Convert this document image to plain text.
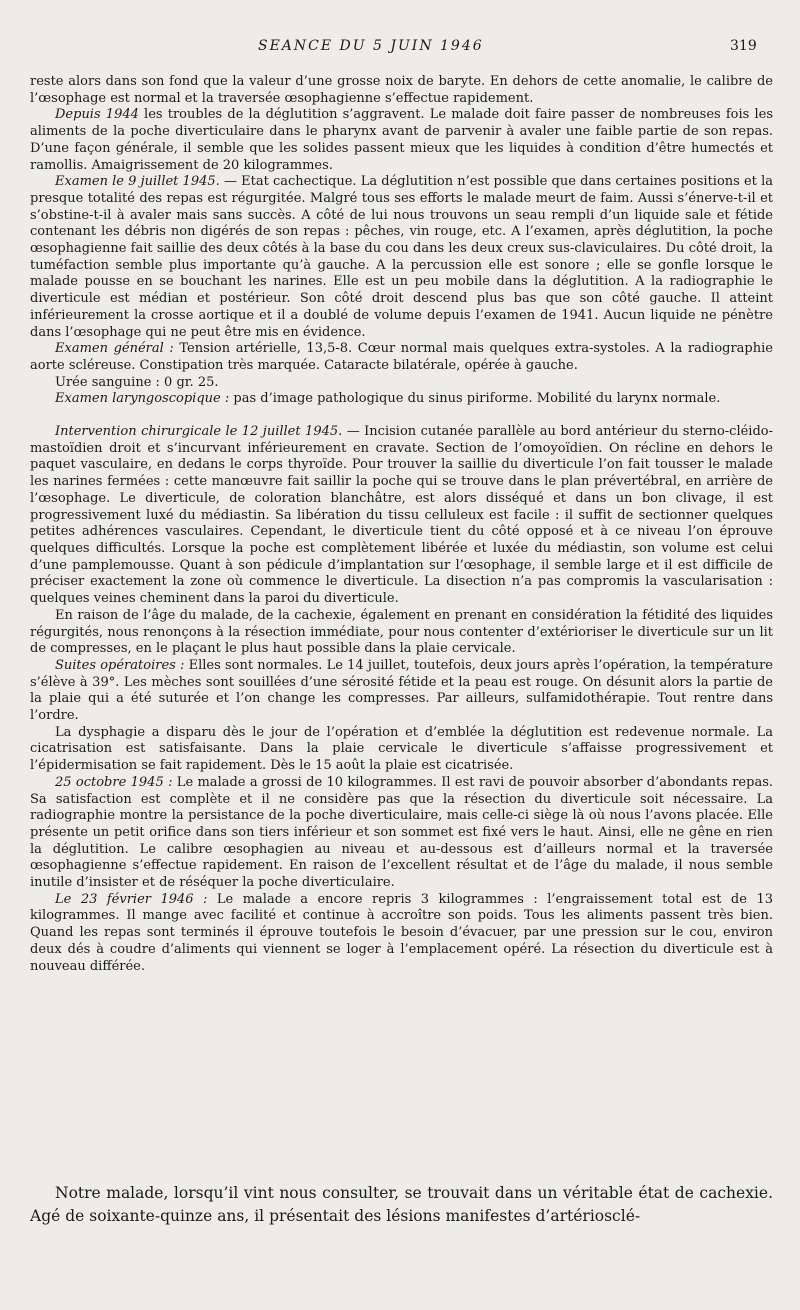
SEANCE DU 5 JUIN 1946	319

reste alors dans son fond que la valeur d’une grosse noix de baryte. En dehors de cette anomalie, le calibre de l’œsophage est normal et la traversée œsophagienne s’effectue rapidement.

Depuis 1944 les troubles de la déglutition s’aggravent. Le malade doit faire passer de nombreuses fois les aliments de la poche diverticulaire dans le pharynx avant de parvenir à avaler une faible partie de son repas. D’une façon générale, il semble que les solides passent mieux que les liquides à condition d’être humectés et ramollis. Amaigrissement de 20 kilogrammes.

Examen le 9 juillet 1945. — Etat cachectique. La déglutition n’est possible que dans certaines positions et la presque totalité des repas est régurgitée. Malgré tous ses efforts le malade meurt de faim. Aussi s’énerve-t-il et s’obstine-t-il à avaler mais sans succès. A côté de lui nous trouvons un seau rempli d’un liquide sale et fétide contenant les débris non digérés de son repas : pêches, vin rouge, etc. A l’examen, après déglutition, la poche œsophagienne fait saillie des deux côtés à la base du cou dans les deux creux sus-claviculaires. Du côté droit, la tuméfaction semble plus importante qu’à gauche. A la percussion elle est sonore ; elle se gonfle lorsque le malade pousse en se bouchant les narines. Elle est un peu mobile dans la déglutition. A la radiographie le diverticule est médian et postérieur. Son côté droit descend plus bas que son côté gauche. Il atteint inférieurement la crosse aortique et il a doublé de volume depuis l’examen de 1941. Aucun liquide ne pénètre dans l’œsophage qui ne peut être mis en évidence.

Examen général : Tension artérielle, 13,5-8. Cœur normal mais quelques extra-systoles. A la radiographie aorte scléreuse. Constipation très marquée. Cataracte bilatérale, opérée à gauche.

Urée sanguine : 0 gr. 25.

Examen laryngoscopique : pas d’image pathologique du sinus piriforme. Mobilité du larynx normale.

Intervention chirurgicale le 12 juillet 1945. — Incision cutanée parallèle au bord antérieur du sterno-cléido-mastoïdien droit et s’incurvant inférieurement en cravate. Section de l’omoyoïdien. On récline en dehors le paquet vasculaire, en dedans le corps thyroïde. Pour trouver la saillie du diverticule l’on fait tousser le malade les narines fermées : cette manœuvre fait saillir la poche qui se trouve dans le plan prévertébral, en arrière de l’œsophage. Le diverticule, de coloration blanchâtre, est alors disséqué et dans un bon clivage, il est progressivement luxé du médiastin. Sa libération du tissu celluleux est facile : il suffit de sectionner quelques petites adhérences vasculaires. Cependant, le diverticule tient du côté opposé et à ce niveau l’on éprouve quelques difficultés. Lorsque la poche est complètement libérée et luxée du médiastin, son volume est celui d’une pamplemousse. Quant à son pédicule d’implantation sur l’œsophage, il semble large et il est difficile de préciser exactement la zone où commence le diverticule. La disection n’a pas compromis la vascularisation : quelques veines cheminent dans la paroi du diverticule.

En raison de l’âge du malade, de la cachexie, également en prenant en considération la fétidité des liquides régurgités, nous renonçons à la résection immédiate, pour nous contenter d’extérioriser le diverticule sur un lit de compresses, en le plaçant le plus haut possible dans la plaie cervicale.

Suites opératoires : Elles sont normales. Le 14 juillet, toutefois, deux jours après l’opération, la température s’élève à 39°. Les mèches sont souillées d’une sérosité fétide et la peau est rouge. On désunit alors la partie de la plaie qui a été suturée et l’on change les compresses. Par ailleurs, sulfamidothérapie. Tout rentre dans l’ordre.

La dysphagie a disparu dès le jour de l’opération et d’emblée la déglutition est redevenue normale. La cicatrisation est satisfaisante. Dans la plaie cervicale le diverticule s’affaisse progressivement et l’épidermisation se fait rapidement. Dès le 15 août la plaie est cicatrisée.

25 octobre 1945 : Le malade a grossi de 10 kilogrammes. Il est ravi de pouvoir absorber d’abondants repas. Sa satisfaction est complète et il ne considère pas que la résection du diverticule soit nécessaire. La radiographie montre la persistance de la poche diverticulaire, mais celle-ci siège là où nous l’avons placée. Elle présente un petit orifice dans son tiers inférieur et son sommet est fixé vers le haut. Ainsi, elle ne gêne en rien la déglutition. Le calibre œsophagien au niveau et au-dessous est d’ailleurs normal et la traversée œsophagienne s’effectue rapidement. En raison de l’excellent résultat et de l’âge du malade, il nous semble inutile d’insister et de réséquer la poche diverticulaire.

Le 23 février 1946 : Le malade a encore repris 3 kilogrammes : l’engraissement total est de 13 kilogrammes. Il mange avec facilité et continue à accroître son poids. Tous les aliments passent très bien. Quand les repas sont terminés il éprouve toutefois le besoin d’évacuer, par une pression sur le cou, environ deux dés à coudre d’aliments qui viennent se loger à l’emplacement opéré. La résection du diverticule est à nouveau différée.

Notre malade, lorsqu’il vint nous consulter, se trouvait dans un véritable état de cachexie. Agé de soixante-quinze ans, il présentait des lésions manifestes d’artériosclé-
